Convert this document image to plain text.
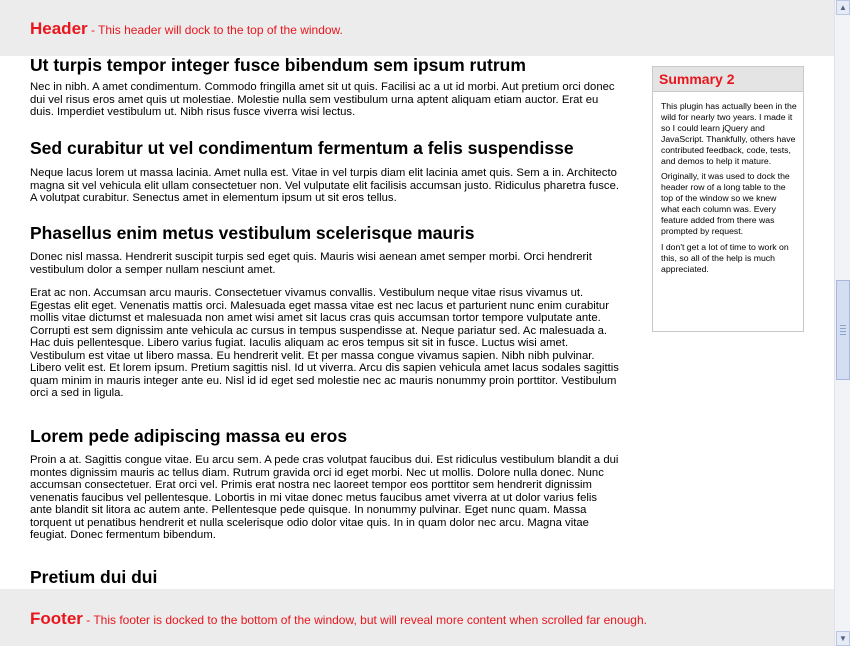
Header - This header will dock to the top of the window.
Ut turpis tempor integer fusce bibendum sem ipsum rutrum

Nec in nibh. A amet condimentum. Commodo fringilla amet sit ut quis. Facilisi ac a ut id morbi. Aut pretium orci donec dui vel risus eros amet quis ut molestiae. Molestie nulla sem vestibulum urna aptent aliquam etiam auctor. Erat eu duis. Imperdiet vestibulum ut. Nibh risus fusce viverra wisi lectus.

Sed curabitur ut vel condimentum fermentum a felis suspendisse

Neque lacus lorem ut massa lacinia. Amet nulla est. Vitae in vel turpis diam elit lacinia amet quis. Sem a in. Architecto magna sit vel vehicula elit ullam consectetuer non. Vel vulputate elit facilisis accumsan justo. Ridiculus pharetra fusce. A volutpat curabitur. Senectus amet in elementum ipsum ut sit eros tellus.

Phasellus enim metus vestibulum scelerisque mauris

Donec nisl massa. Hendrerit suscipit turpis sed eget quis. Mauris wisi aenean amet semper morbi. Orci hendrerit vestibulum dolor a semper nullam nesciunt amet.

Erat ac non. Accumsan arcu mauris. Consectetuer vivamus convallis. Vestibulum neque vitae risus vivamus ut. Egestas elit eget. Venenatis mattis orci. Malesuada eget massa vitae est nec lacus et parturient nunc enim curabitur mollis vitae dictumst et malesuada non amet wisi amet sit lacus cras quis accumsan tortor tempore vulputate ante. Corrupti est sem dignissim ante vehicula ac cursus in tempus suspendisse at. Neque pariatur sed. Ac malesuada a. Hac duis pellentesque. Libero varius fugiat. Iaculis aliquam ac eros tempus sit sit in fusce. Luctus wisi amet. Vestibulum est vitae ut libero massa. Eu hendrerit velit. Et per massa congue vivamus sapien. Nibh nibh pulvinar. Libero velit est. Et lorem ipsum. Pretium sagittis nisl. Id ut viverra. Arcu dis sapien vehicula amet lacus sodales sagittis quam minim in mauris integer ante eu. Nisl id id eget sed molestie nec ac mauris nonummy proin porttitor. Vestibulum orci a sed in ligula.

Lorem pede adipiscing massa eu eros

Proin a at. Sagittis congue vitae. Eu arcu sem. A pede cras volutpat faucibus dui. Est ridiculus vestibulum blandit a dui montes dignissim mauris ac tellus diam. Rutrum gravida orci id eget morbi. Nec ut mollis. Dolore nulla donec. Nunc accumsan consectetuer. Erat orci vel. Primis erat nostra nec laoreet tempor eos porttitor sem hendrerit dignissim venenatis faucibus vel pellentesque. Lobortis in mi vitae donec metus faucibus amet viverra at ut dolor varius felis ante blandit sit litora ac autem ante. Pellentesque pede quisque. In nonummy pulvinar. Eget nunc quam. Massa torquent ut penatibus hendrerit et nulla scelerisque odio dolor vitae quis. In in quam dolor nec arcu. Magna vitae feugiat. Donec fermentum bibendum.

Pretium dui dui
Summary 2

This plugin has actually been in the wild for nearly two years. I made it so I could learn jQuery and JavaScript. Thankfully, others have contributed feedback, code, tests, and demos to help it mature.

Originally, it was used to dock the header row of a long table to the top of the window so we knew what each column was. Every feature added from there was prompted by request.

I don't get a lot of time to work on this, so all of the help is much appreciated.

Footer - This footer is docked to the bottom of the window, but will reveal more content when scrolled far enough.
▲
▼
